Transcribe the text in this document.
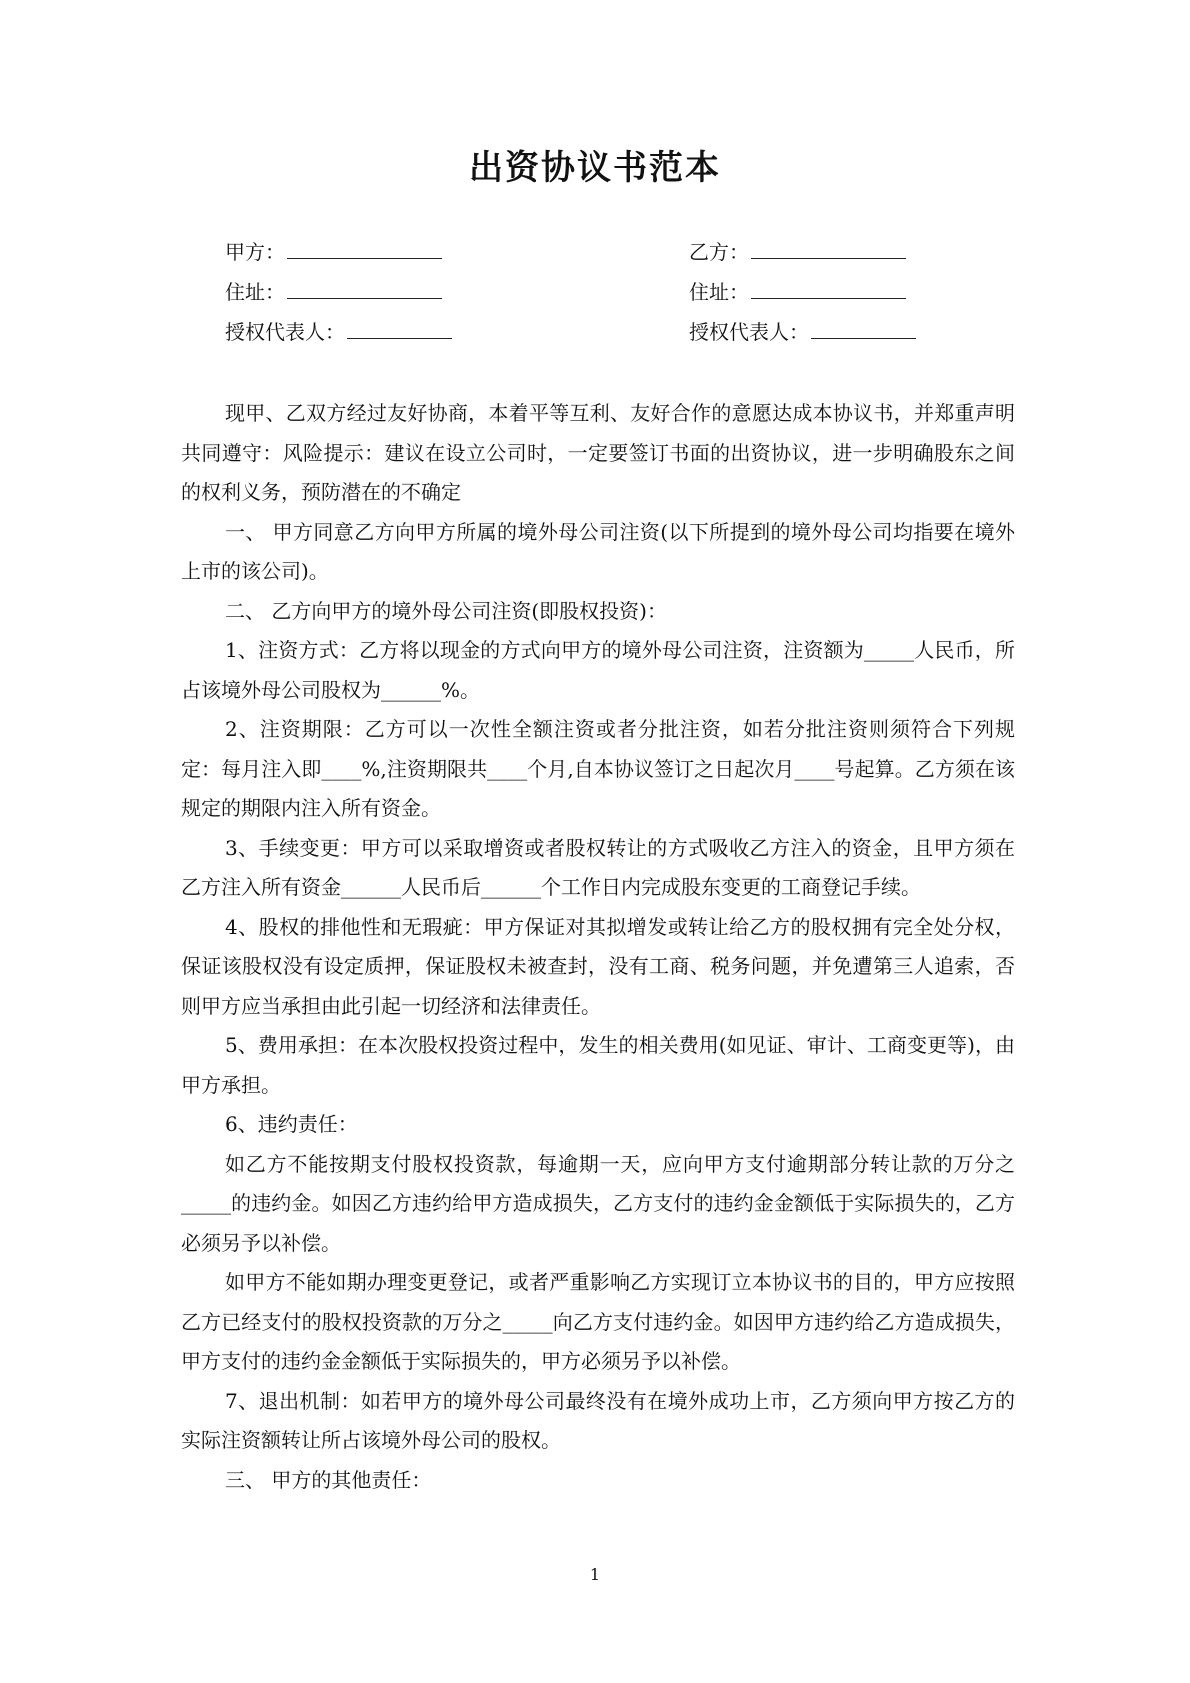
出资协议书范本
甲方：
住址：
授权代表人：
乙方：
住址：
授权代表人：

现甲、乙双方经过友好协商，本着平等互利、友好合作的意愿达成本协议书，并郑重声明共同遵守：风险提示：建议在设立公司时，一定要签订书面的出资协议，进一步明确股东之间的权利义务，预防潜在的不确定

一、 甲方同意乙方向甲方所属的境外母公司注资(以下所提到的境外母公司均指要在境外上市的该公司)。

二、 乙方向甲方的境外母公司注资(即股权投资)：

1、注资方式：乙方将以现金的方式向甲方的境外母公司注资，注资额为_____人民币，所占该境外母公司股权为______%。

2、注资期限：乙方可以一次性全额注资或者分批注资，如若分批注资则须符合下列规定：每月注入即____%,注资期限共____个月,自本协议签订之日起次月____号起算。乙方须在该规定的期限内注入所有资金。

3、手续变更：甲方可以采取增资或者股权转让的方式吸收乙方注入的资金，且甲方须在乙方注入所有资金______人民币后______个工作日内完成股东变更的工商登记手续。

4、股权的排他性和无瑕疵：甲方保证对其拟增发或转让给乙方的股权拥有完全处分权，保证该股权没有设定质押，保证股权未被查封，没有工商、税务问题，并免遭第三人追索，否则甲方应当承担由此引起一切经济和法律责任。

5、费用承担：在本次股权投资过程中，发生的相关费用(如见证、审计、工商变更等)，由甲方承担。

6、违约责任：

如乙方不能按期支付股权投资款，每逾期一天，应向甲方支付逾期部分转让款的万分之_____的违约金。如因乙方违约给甲方造成损失，乙方支付的违约金金额低于实际损失的，乙方必须另予以补偿。

如甲方不能如期办理变更登记，或者严重影响乙方实现订立本协议书的目的，甲方应按照乙方已经支付的股权投资款的万分之_____向乙方支付违约金。如因甲方违约给乙方造成损失，甲方支付的违约金金额低于实际损失的，甲方必须另予以补偿。

7、退出机制：如若甲方的境外母公司最终没有在境外成功上市，乙方须向甲方按乙方的实际注资额转让所占该境外母公司的股权。

三、 甲方的其他责任：

1
